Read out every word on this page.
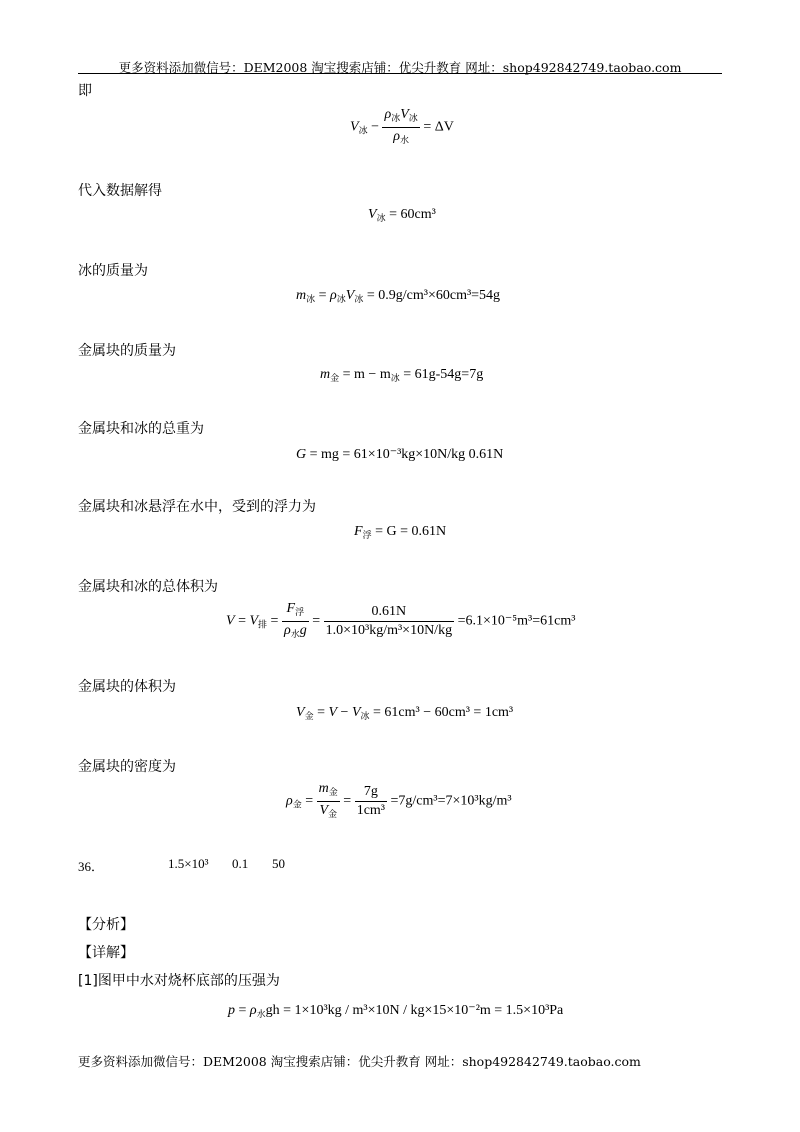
更多资料添加微信号：DEM2008 淘宝搜索店铺：优尖升教育 网址：shop492842749.taobao.com
即
$V_冰 - \frac{\rho_冰V_冰}{\rho_水} = \Delta V$
代入数据解得
$V_冰 = 60cm^3$
冰的质量为
$m_冰 = \rho_冰V_冰 = 0.9g/cm^3\times 60cm^3=54g$
金属块的质量为
$m_金 = m - m_冰 = 61g-54g=7g$
金属块和冰的总重为
G = mg = 61×10⁻³kg×10N/kg 0.61N
金属块和冰悬浮在水中，受到的浮力为
$F_浮 = G = 0.61N$
金属块和冰的总体积为
$V = V_排 = \frac{F_浮}{\rho_水g} = \frac{0.61N}{\text{1.0×10³kg/m³×10N/kg}} =6.1\times 10^{-5}m^3=61cm^3$
金属块的体积为
$V_金 = V - V_冰 = 61cm^3 - 60cm^3 = 1cm^3$
金属块的密度为
$\rho_金 = \frac{m_金}{V_金} = \frac{7g}{\text{1cm³}} =7g/cm^3=7\times 10^3kg/m^3$
36．	1.5×10³ 0.1 50
【分析】
【详解】
[1]图甲中水对烧杯底部的压强为
$p = \rho_水gh = 1\times 10^3kg / m^3\times 10N / kg\times 15\times 10^{-2}m = 1.5\times 10^3Pa$
更多资料添加微信号：DEM2008 淘宝搜索店铺：优尖升教育 网址：shop492842749.taobao.com
